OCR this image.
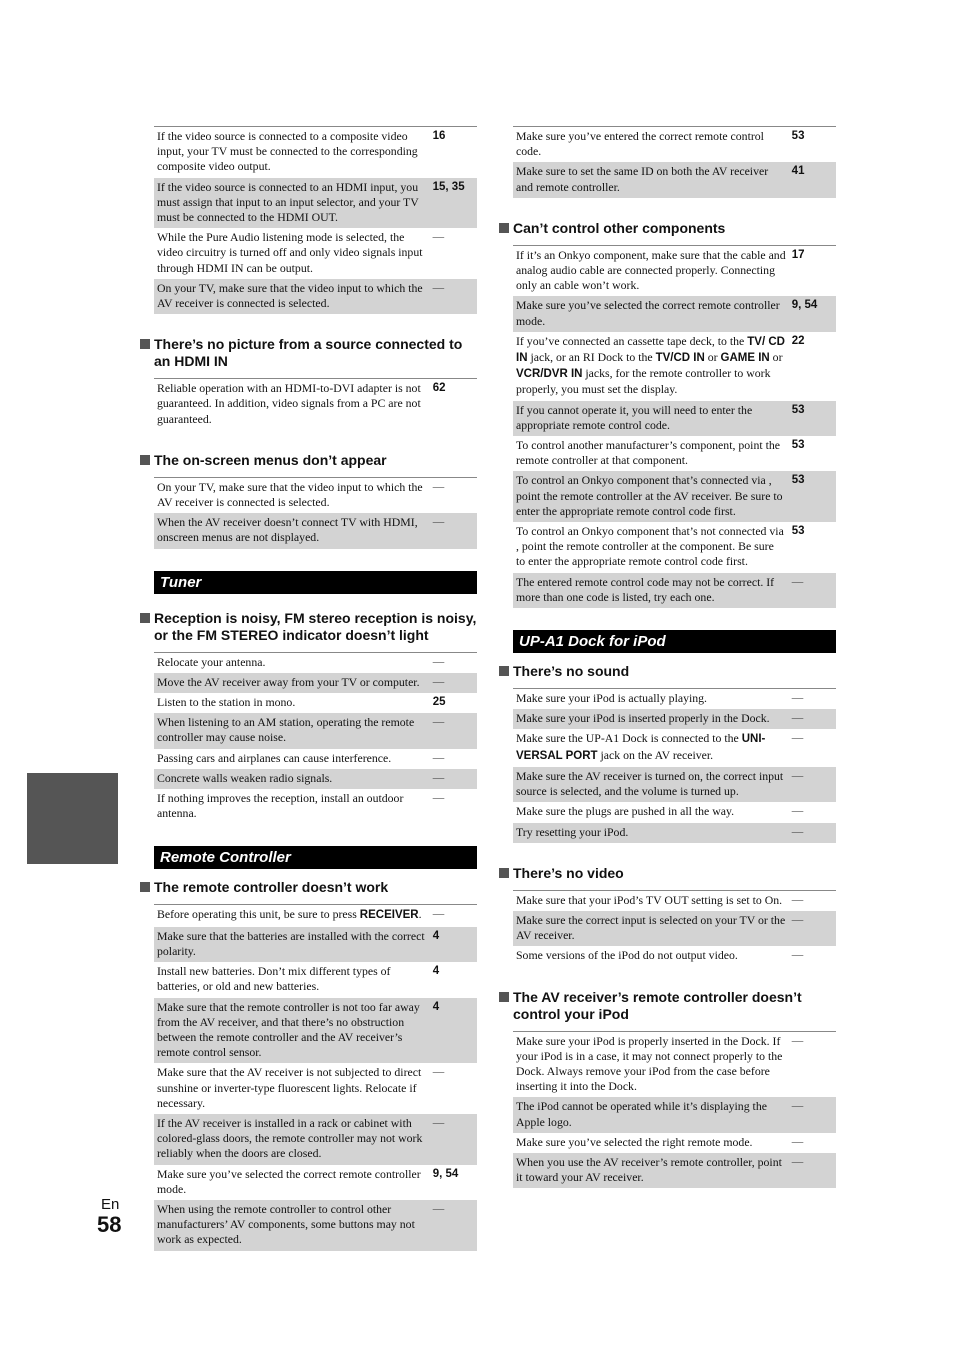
En
58
If the video source is connected to a composite video input, your TV must be connected to the corresponding composite video output.	16
If the video source is connected to an HDMI input, you must assign that input to an input selector, and your TV must be connected to the HDMI OUT.	15, 35
While the Pure Audio listening mode is selected, the video circuitry is turned off and only video signals input through HDMI IN can be output.	—
On your TV, make sure that the video input to which the AV receiver is connected is selected.	—
There’s no picture from a source connected to an HDMI IN
Reliable operation with an HDMI-to-DVI adapter is not guaranteed. In addition, video signals from a PC are not guaranteed.	62
The on-screen menus don’t appear
On your TV, make sure that the video input to which the AV receiver is connected is selected.	—
When the AV receiver doesn’t connect TV with HDMI, onscreen menus are not displayed.	—
Tuner
Reception is noisy, FM stereo reception is noisy, or the FM STEREO indicator doesn’t light
Relocate your antenna.	—
Move the AV receiver away from your TV or computer.	—
Listen to the station in mono.	25
When listening to an AM station, operating the remote controller may cause noise.	—
Passing cars and airplanes can cause interference.	—
Concrete walls weaken radio signals.	—
If nothing improves the reception, install an outdoor antenna.	—
Remote Controller
The remote controller doesn’t work
Before operating this unit, be sure to press RECEIVER.	—
Make sure that the batteries are installed with the correct polarity.	4
Install new batteries. Don’t mix different types of batteries, or old and new batteries.	4
Make sure that the remote controller is not too far away from the AV receiver, and that there’s no obstruction between the remote controller and the AV receiver’s remote control sensor.	4
Make sure that the AV receiver is not subjected to direct sunshine or inverter-type fluorescent lights. Relocate if necessary.	—
If the AV receiver is installed in a rack or cabinet with colored-glass doors, the remote controller may not work reliably when the doors are closed.	—
Make sure you’ve selected the correct remote controller mode.	9, 54
When using the remote controller to control other manufacturers’ AV components, some buttons may not work as expected.	—
Make sure you’ve entered the correct remote control code.	53
Make sure to set the same ID on both the AV receiver and remote controller.	41
Can’t control other components
If it’s an Onkyo component, make sure that the cable and analog audio cable are connected properly. Connecting only an cable won’t work.	17
Make sure you’ve selected the correct remote controller mode.	9, 54
If you’ve connected an cassette tape deck, to the TV/ CD IN jack, or an RI Dock to the TV/CD IN or GAME IN or VCR/DVR IN jacks, for the remote controller to work properly, you must set the display.	22
If you cannot operate it, you will need to enter the appropriate remote control code.	53
To control another manufacturer’s component, point the remote controller at that component.	53
To control an Onkyo component that’s connected via , point the remote controller at the AV receiver. Be sure to enter the appropriate remote control code first.	53
To control an Onkyo component that’s not connected via , point the remote controller at the component. Be sure to enter the appropriate remote control code first.	53
The entered remote control code may not be correct. If more than one code is listed, try each one.	—
UP-A1 Dock for iPod
There’s no sound
Make sure your iPod is actually playing.	—
Make sure your iPod is inserted properly in the Dock.	—
Make sure the UP-A1 Dock is connected to the UNIVERSAL PORT jack on the AV receiver.	—
Make sure the AV receiver is turned on, the correct input source is selected, and the volume is turned up.	—
Make sure the plugs are pushed in all the way.	—
Try resetting your iPod.	—
There’s no video
Make sure that your iPod’s TV OUT setting is set to On.	—
Make sure the correct input is selected on your TV or the AV receiver.	—
Some versions of the iPod do not output video.	—
The AV receiver’s remote controller doesn’t control your iPod
Make sure your iPod is properly inserted in the Dock. If your iPod is in a case, it may not connect properly to the Dock. Always remove your iPod from the case before inserting it into the Dock.	—
The iPod cannot be operated while it’s displaying the Apple logo.	—
Make sure you’ve selected the right remote mode.	—
When you use the AV receiver’s remote controller, point it toward your AV receiver.	—
